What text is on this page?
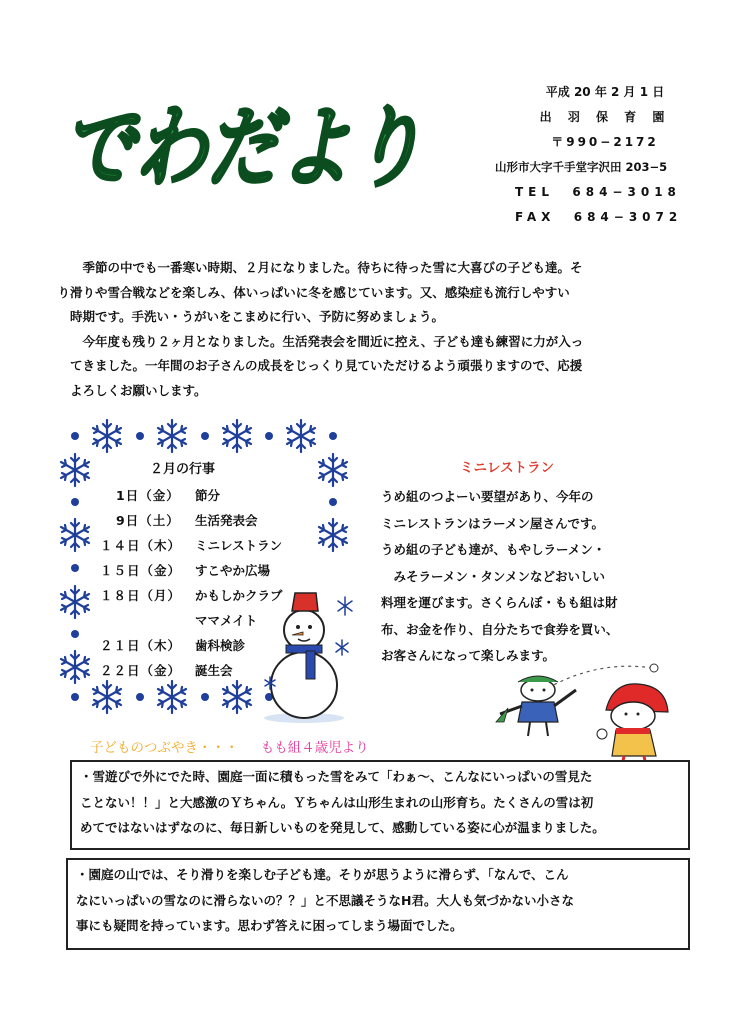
でわだより
平成 20 年 2 月 1 日
出 羽 保 育 園
〒990−2172
山形市大字千手堂字沢田 203−5
TEL  684−3018
FAX  684−3072

季節の中でも一番寒い時期、２月になりました。待ちに待った雪に大喜びの子ども達。そ
り滑りや雪合戦などを楽しみ、体いっぱいに冬を感じています。又、感染症も流行しやすい
時期です。手洗い・うがいをこまめに行い、予防に努めましょう。

今年度も残り２ヶ月となりました。生活発表会を間近に控え、子ども達も練習に力が入っ
てきました。一年間のお子さんの成長をじっくり見ていただけるよう頑張りますので、応援
よろしくお願いします。

２月の行事
1日（金） 節分
9日（土） 生活発表会
１４日（木） ミニレストラン
１５日（金） すこやか広場
１８日（月） かもしかクラブ
ママメイト
２１日（木） 歯科検診
２２日（金） 誕生会
ミニレストラン
うめ組のつよーい要望があり、今年の
ミニレストランはラーメン屋さんです。
うめ組の子ども達が、もやしラーメン・
　みそラーメン・タンメンなどおいしい
料理を運びます。さくらんぼ・もも組は財
布、お金を作り、自分たちで食券を買い、
お客さんになって楽しみます。
子どものつぶやき・・・ もも組４歳児より
・雪遊びで外にでた時、園庭一面に積もった雪をみて「わぁ〜、こんなにいっぱいの雪見た
ことない！！」と大感激のＹちゃん。Ｙちゃんは山形生まれの山形育ち。たくさんの雪は初
めてではないはずなのに、毎日新しいものを発見して、感動している姿に心が温まりました。
・園庭の山では、そり滑りを楽しむ子ども達。そりが思うように滑らず、「なんで、こん
なにいっぱいの雪なのに滑らないの？？」と不思議そうなH君。大人も気づかない小さな
事にも疑問を持っています。思わず答えに困ってしまう場面でした。
